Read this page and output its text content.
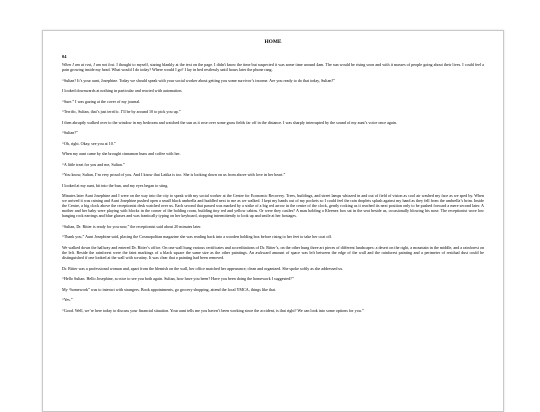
HOME
04

When I am at rest, I am not lost. I thought to myself, staring blankly at the text on the page. I didn't know the time but suspected it was some time around 4am. The sun would be rising soon and with it masses of people going about their lives. I could feel a pain growing inside my head. What would I do today? Where would I go? I lay in bed restlessly until hours later the phone rang.

“Sultan? It’s your aunt, Josephine. Today we should speak with your social worker about getting you some survivor’s income. Are you ready to do that today, Sultan?”

I looked downwards at nothing in particular and reacted with automation.

“Sure.” I was gazing at the cover of my journal.

“Terrific, Sultan, that’s just terrific. I’ll be by around 10 to pick you up.”

I then abruptly walked over to the window in my bedroom and watched the sun as it rose over some grass fields far off in the distance. I was sharply interrupted by the sound of my aunt’s voice once again.

“Sultan?”

“Oh, right. Okay, see you at 10.”

When my aunt came by she brought cinnamon buns and coffee with her.

“A little treat for you and me, Sultan.”

“You know, Sultan, I’m very proud of you. And I know that Latika is too. She is looking down on us from above with love in her heart.”

I looked at my aunt, bit into the bun, and my eyes began to sting.

Minutes later Aunt Josephine and I were on the way into the city to speak with my social worker at the Centre for Economic Recovery. Trees, buildings, and street lamps whizzed in and out of field of vision as cool air washed my face as we sped by. When we arrived it was raining and Aunt Josephine pushed open a small black umbrella and huddled next to me as we walked. I kept my hands out of my pockets so I could feel the rain droplets splash against my hand as they fell from the umbrella’s brim. Inside the Centre, a big clock above the receptionist desk watched over us. Each second that passed was marked by a strike of a big red arrow in the centre of the clock, gently rocking as it reached its next position only to be pushed forward a mere second later. A mother and her baby were playing with blocks in the corner of the holding room, building tiny red and yellow cabins. Or were they castles? A man holding a Kleenex box sat in the seat beside us, occasionally blowing his nose. The receptionist wore low hanging rock earrings and blue glasses and was frantically typing on her keyboard, stopping intermittently to look up and smile at her hostages.

“Sultan, Dr. Ritter is ready for you now,” the receptionist said about 20 minutes later.

“Thank you,” Aunt Josephine said, placing the Cosmopolitan magazine she was reading back into a wooden holding box before rising to her feet to take her coat off.

We walked down the hallway and entered Dr. Ritter’s office. On one wall hung various certificates and accreditations of Dr. Ritter’s, on the other hung three art pieces of different landscapes: a desert on the right, a mountain in the middle, and a rainforest on the left. Beside the rainforest were the faint markings of a black square the same size as the other paintings. An awkward amount of space was left between the edge of the wall and the rainforest painting and a perimeter of residual dust could be distinguished if one looked at the wall with scrutiny. It was clear that a painting had been removed.

Dr. Ritter was a professional woman and, apart from the blemish on the wall, her office matched her appearance, clean and organized. She spoke softly as she addressed us.

“Hello Sultan. Hello Josephine, so nice to see you both again. Sultan, how have you been? Have you been doing the homework I suggested?”

My “homework” was to interact with strangers. Book appointments, go grocery shopping, attend the local YMCA, things like that.

“Yes.”

“Good. Well, we’re here today to discuss your financial situation. Your aunt tells me you haven’t been working since the accident, is that right? We can look into some options for you.”
